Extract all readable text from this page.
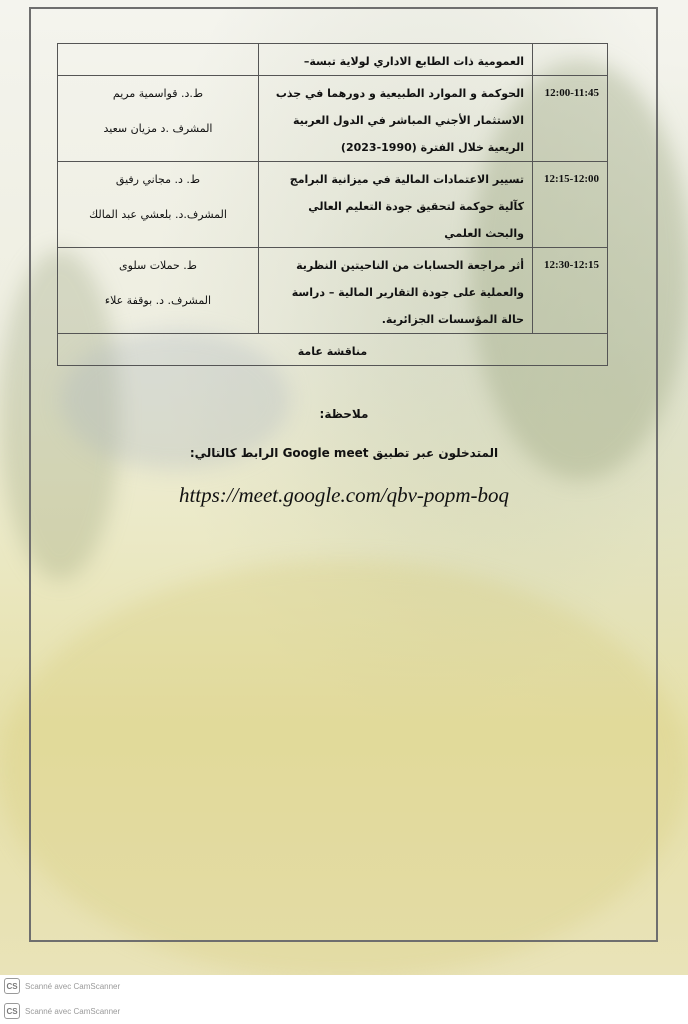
	العمومية ذات الطابع الاداري لولاية تبسة–	
12:00-11:45	الحوكمة و الموارد الطبيعية و دورهما في جذب الاستثمار الأجني المباشر في الدول العربية الريعية خلال الفترة (1990-2023)	ط.د. قواسمية مريم
المشرف .د مزيان سعيد

12:15-12:00	تسيير الاعتمادات المالية في ميزانية البرامج كآلية حوكمة لتحقيق جودة التعليم العالي والبحث العلمي	ط. د. مجاني رفيق
المشرف.د. بلعشي عبد المالك

12:30-12:15	أثر مراجعة الحسابات من الناحيتين النظرية والعملية على جودة التقارير المالية – دراسة حالة المؤسسات الجزائرية.	ط. حملات سلوى
المشرف. د. بوقفة علاء

مناقشة عامة		
ملاحظة:
المتدخلون عبر تطبيق Google meet الرابط كالتالي:
https://meet.google.com/qbv-popm-boq
CS Scanné avec CamScanner
CS Scanné avec CamScanner
